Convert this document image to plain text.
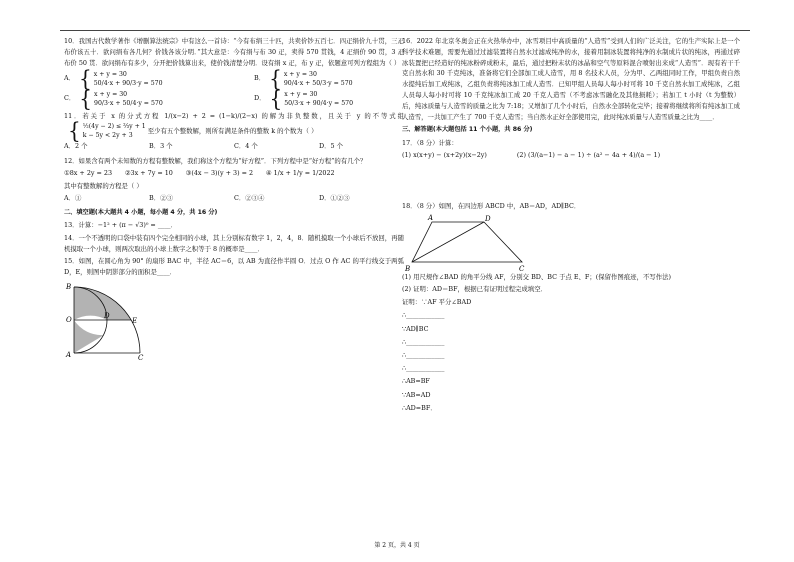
10．我国古代数学著作《增删算法统宗》中有这么一首诗：“今有布绢三十匹，共卖价钞五百七．四疋绢价九十贯，三疋布价该五十．欲问绢布各几何？价钱各该分明．”其大意是：今有绢与布 30 疋，卖得 570 贯钱，4 疋绢价 90 贯，3 疋布价 50 贯．欲问绢布有多少，分开把价钱算出来，使价钱清楚分明．设有绢 x 疋，布 y 疋，依题意可列方程组为（ ）

A． { x + y = 30
50/4·x + 90/3·y = 570
B． { x + y = 30
90/4·x + 50/3·y = 570
C． { x + y = 30
90/3·x + 50/4·y = 570
D． { x + y = 30
50/3·x + 90/4·y = 570
11．若关于 x 的分式方程 1/(x−2) + 2 = (1−k)/(2−x) 的解为非负整数，且关于 y 的不等式组
{ ½(4y − 2) ≤ ⅔y + 1
k − 5y < 2y + 3
至少有五个整数解，则所有满足条件的整数 k 的个数为（ ）
A．2 个	B．3 个	C．4 个	D．5 个

12．如果含有两个未知数的方程有整数解，我们称这个方程为“好方程”．下列方程中是“好方程”的有几个？

①8x + 2y = 23　　②3x + 7y = 10　　③(4x − 3)(y + 3) = 2　　④ 1/x + 1/y = 1/2022

其中有整数解的方程是（ ）

A．①	B．②③	C．②③④	D．①②③
二、填空题(本大题共 4 小题，每小题 4 分，共 16 分)

13．计算：−1² + (π − √3)⁰ = ____．

14．一个不透明的口袋中装有四个完全相同的小球，其上分别标有数字 1，2，4，8．随机摸取一个小球后不放回，再随机摸取一个小球，则两次取出的小球上数字之积等于 8 的概率是____．

15．如图，在圆心角为 90° 的扇形 BAC 中，半径 AC＝6，以 AB 为直径作半圆 O．过点 O 作 AC 的平行线交于两弧 D，E，则图中阴影部分的面积是____．

B
O	D
E
A	C

16．2022 年北京冬奥会正在火热举办中，冰雪项目中高质量的“人造雪”受到人们的广泛关注，它的生产实际上是一个科学技术难题，需要先通过过滤装置将自然水过滤成纯净的水，接着用制冰装置将纯净的水制成片状的纯冰，再通过碎冰装置把已经造好的纯冰粉碎成粉末，最后，通过把粉末状的冰晶和空气等原料混合喷射出来成“人造雪”．现有若干千克自然水和 30 千克纯冰，准备将它们全部加工成人造雪，用 8 名技术人员，分为甲、乙两组同时工作，甲组负责自然水提纯后加工成纯冰，乙组负责将纯冰加工成人造雪．已知甲组人员每人每小时可将 10 千克自然水加工成纯冰，乙组人员每人每小时可将 10 千克纯冰加工成 20 千克人造雪（不考虑冰雪融化及其他损耗）；若加工 t 小时（t 为整数）后，纯冰质量与人造雪的质量之比为 7:18；又增加了几个小时后，自然水全部转化完毕；接着将继续将所有纯冰加工成人造雪，一共加工产生了 700 千克人造雪；当自然水正好全部使用完，此时纯冰质量与人造雪质量之比为____．

三、解答题(本大题包括 11 个小题，共 86 分)

17．（8 分）计算：

(1) x(x+y) − (x+2y)(x−2y)	(2) (3/(a−1) − a − 1) ÷ (a² − 4a + 4)/(a − 1)

18．（8 分）如图，在四边形 ABCD 中，AB＝AD，AD∥BC．

A	D
B	C

(1) 用尺规作∠BAD 的角平分线 AF，分别交 BD、BC 于点 E、F；(保留作图痕迹，不写作法)

(2) 证明：AD＝BF，根据已有证明过程完成填空．

证明：∵AF 平分∠BAD
∴____________
∵AD∥BC
∴____________
∴____________
∴____________
∴AB=BF
∵AB=AD
∴AD=BF．
第 2 页，共 4 页
